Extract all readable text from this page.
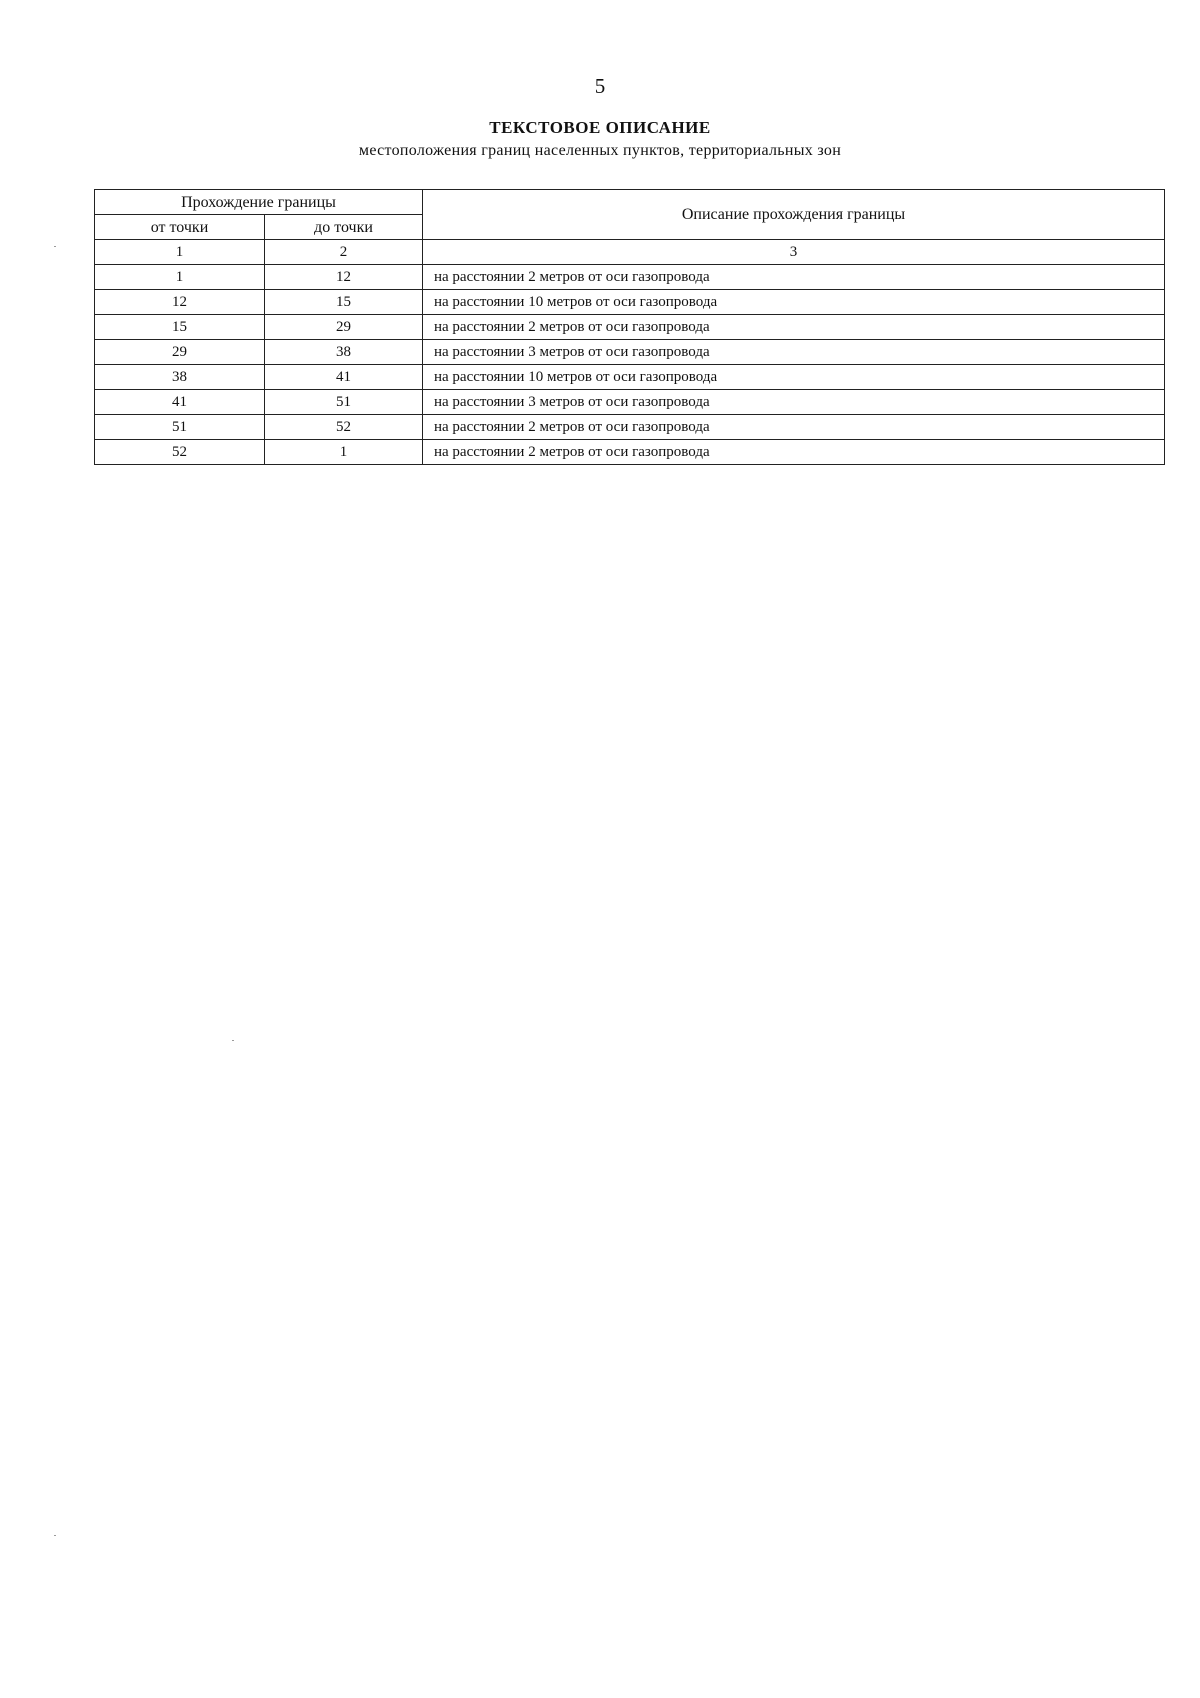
5
ТЕКСТОВОЕ ОПИСАНИЕ
местоположения границ населенных пунктов, территориальных зон
Прохождение границы		Описание прохождения границы
от точки	до точки	
1	2	3
1	12	на расстоянии 2 метров от оси газопровода
12	15	на расстоянии 10 метров от оси газопровода
15	29	на расстоянии 2 метров от оси газопровода
29	38	на расстоянии 3 метров от оси газопровода
38	41	на расстоянии 10 метров от оси газопровода
41	51	на расстоянии 3 метров от оси газопровода
51	52	на расстоянии 2 метров от оси газопровода
52	1	на расстоянии 2 метров от оси газопровода
